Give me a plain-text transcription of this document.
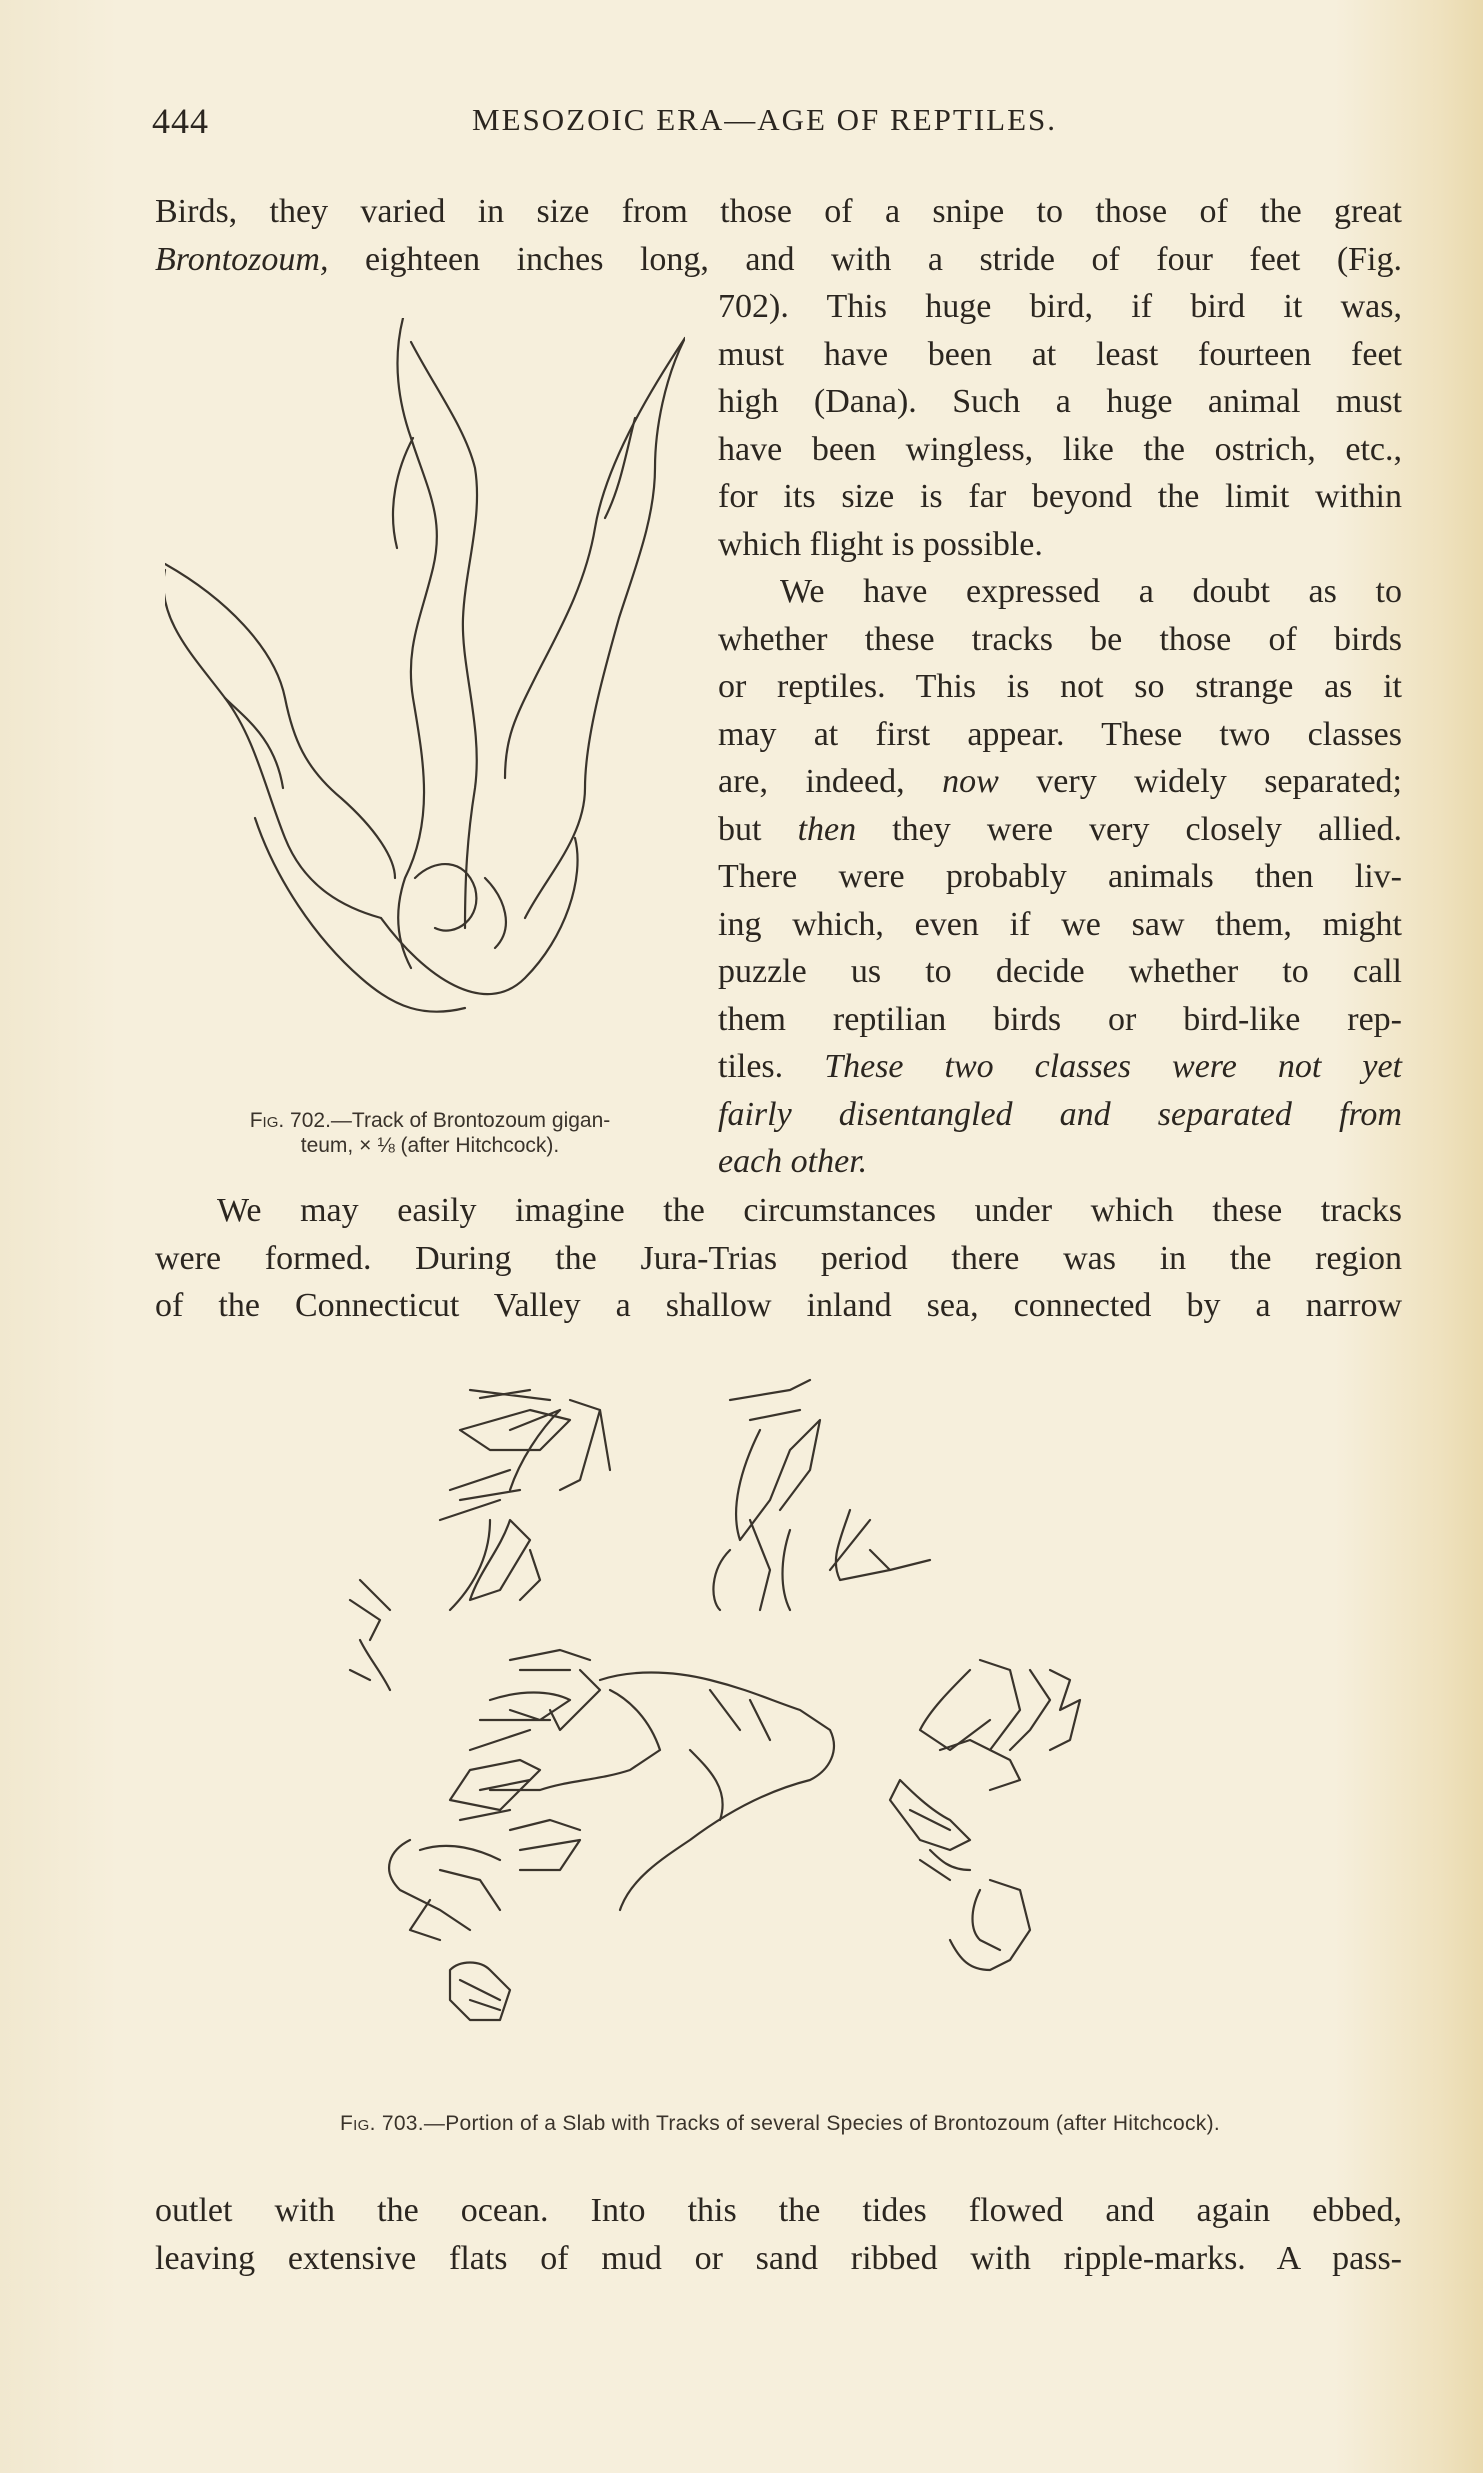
444	MESOZOIC ERA—AGE OF REPTILES.
Birds, they varied in size from those of a snipe to those of the great
Brontozoum, eighteen inches long, and with a stride of four feet (Fig.
702). This huge bird, if bird it was,
must have been at least fourteen feet
high (Dana). Such a huge animal must
have been wingless, like the ostrich, etc.,
for its size is far beyond the limit within
which flight is possible.
We have expressed a doubt as to
whether these tracks be those of birds
or reptiles. This is not so strange as it
may at first appear. These two classes
are, indeed, now very widely separated;
but then they were very closely allied.
There were probably animals then liv-
ing which, even if we saw them, might
puzzle us to decide whether to call
them reptilian birds or bird-like rep-
tiles. These two classes were not yet
fairly disentangled and separated from
each other.
Fig. 702.—Track of Brontozoum gigan-
teum, × ⅛ (after Hitchcock).
We may easily imagine the circumstances under which these tracks
were formed. During the Jura-Trias period there was in the region
of the Connecticut Valley a shallow inland sea, connected by a narrow
Fig. 703.—Portion of a Slab with Tracks of several Species of Brontozoum (after Hitchcock).
outlet with the ocean. Into this the tides flowed and again ebbed,
leaving extensive flats of mud or sand ribbed with ripple-marks. A pass-
